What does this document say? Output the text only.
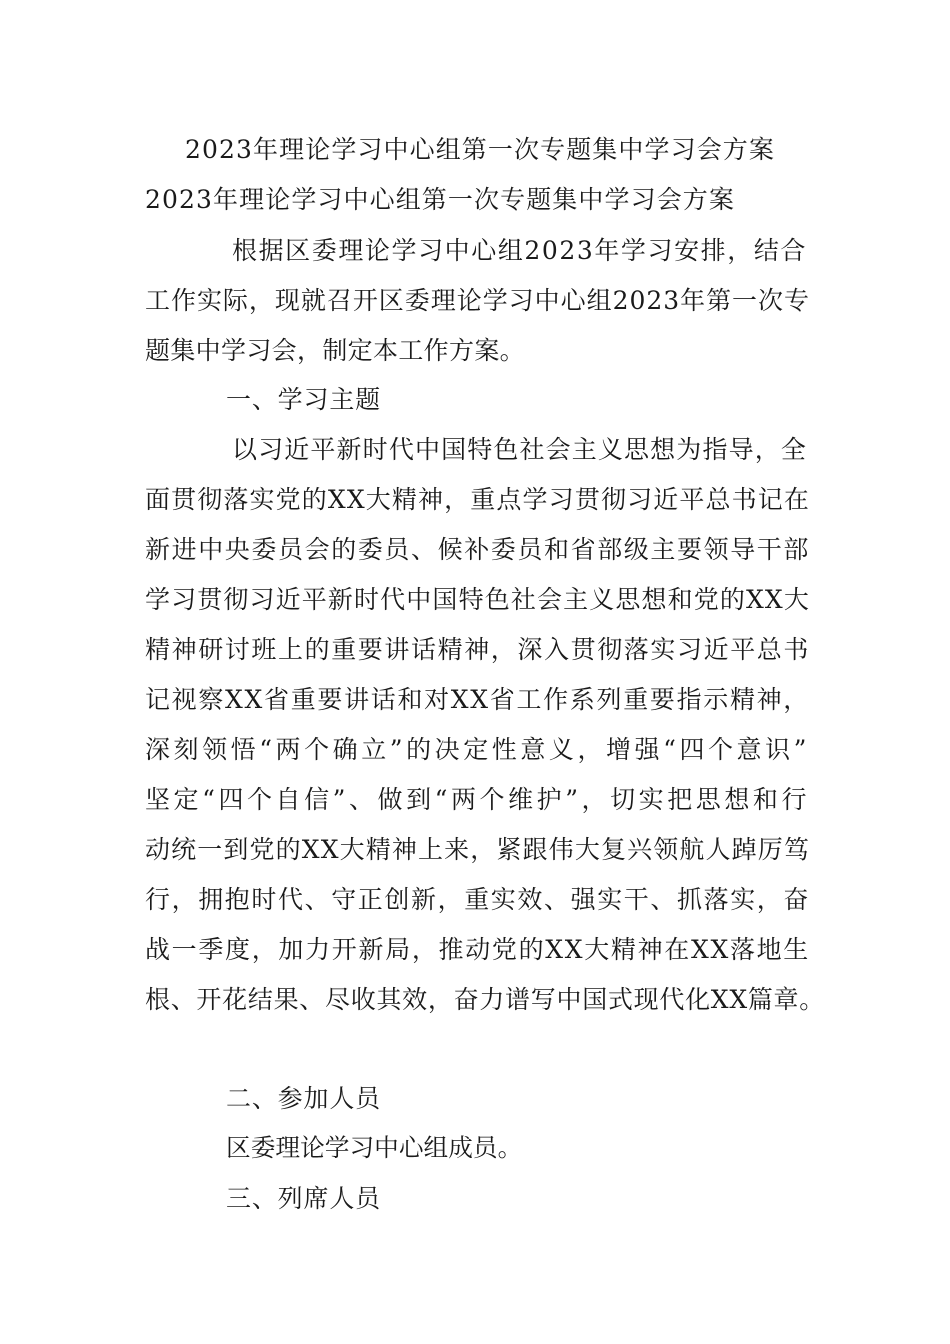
2023年理论学习中心组第一次专题集中学习会方案
2023年理论学习中心组第一次专题集中学习会方案
根据区委理论学习中心组2023年学习安排，结合
工作实际，现就召开区委理论学习中心组2023年第一次专
题集中学习会，制定本工作方案。
一、学习主题
以习近平新时代中国特色社会主义思想为指导，全
面贯彻落实党的XX大精神，重点学习贯彻习近平总书记在
新进中央委员会的委员、候补委员和省部级主要领导干部
学习贯彻习近平新时代中国特色社会主义思想和党的XX大
精神研讨班上的重要讲话精神，深入贯彻落实习近平总书
记视察XX省重要讲话和对XX省工作系列重要指示精神，
深刻领悟“两个确立”的决定性意义，增强“四个意识”
坚定“四个自信”、做到“两个维护”，切实把思想和行
动统一到党的XX大精神上来，紧跟伟大复兴领航人踔厉笃
行，拥抱时代、守正创新，重实效、强实干、抓落实，奋
战一季度，加力开新局，推动党的XX大精神在XX落地生
根、开花结果、尽收其效，奋力谱写中国式现代化XX篇章。
二、参加人员
区委理论学习中心组成员。
三、列席人员
